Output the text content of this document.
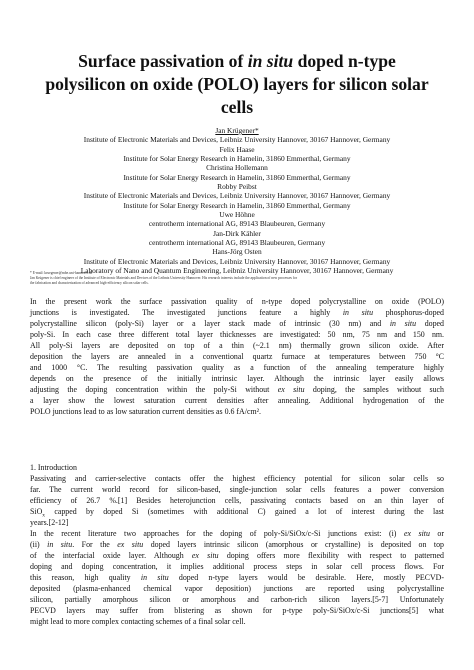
Surface passivation of in situ doped n-type
polysilicon on oxide (POLO) layers for silicon solar
cells
Jan Krügener*
Institute of Electronic Materials and Devices, Leibniz University Hannover, 30167 Hannover, Germany
Felix Haase
Institute for Solar Energy Research in Hamelin, 31860 Emmerthal, Germany
Christina Hollemann
Institute for Solar Energy Research in Hamelin, 31860 Emmerthal, Germany
Robby Peibst
Institute of Electronic Materials and Devices, Leibniz University Hannover, 30167 Hannover, Germany
Institute for Solar Energy Research in Hamelin, 31860 Emmerthal, Germany
Uwe Höhne
centrotherm international AG, 89143 Blaubeuren, Germany
Jan-Dirk Kähler
centrotherm international AG, 89143 Blaubeuren, Germany
Hans-Jörg Osten
Institute of Electronic Materials and Devices, Leibniz University Hannover, 30167 Hannover, Germany
Laboratory of Nano and Quantum Engineering, Leibniz University Hannover, 30167 Hannover, Germany
* E-mail: kruegener@mbe.uni-hannover.de
Jan Krügener is chief engineer of the Institute of Electronic Materials and Devices of the Leibniz University Hannover. His research interests include the application of new processes for
the fabrication and characterization of advanced high-efficiency silicon solar cells.
In the present work the surface passivation quality of n-type doped polycrystalline on oxide (POLO)
junctions is investigated. The investigated junctions feature a highly in situ phosphorus-doped
polycrystalline silicon (poly-Si) layer or a layer stack made of intrinsic (30 nm) and in situ doped
poly-Si. In each case three different total layer thicknesses are investigated: 50 nm, 75 nm and 150 nm.
All poly-Si layers are deposited on top of a thin (~2.1 nm) thermally grown silicon oxide. After
deposition the layers are annealed in a conventional quartz furnace at temperatures between 750 °C
and 1000 °C. The resulting passivation quality as a function of the annealing temperature highly
depends on the presence of the initially intrinsic layer. Although the intrinsic layer easily allows
adjusting the doping concentration within the poly-Si without ex situ doping, the samples without such
a layer show the lowest saturation current densities after annealing. Additional hydrogenation of the
POLO junctions lead to as low saturation current densities as 0.6 fA/cm².
1. Introduction
Passivating and carrier-selective contacts offer the highest efficiency potential for silicon solar cells so
far. The current world record for silicon-based, single-junction solar cells features a power conversion
efficiency of 26.7 %.[1] Besides heterojunction cells, passivating contacts based on an thin layer of
SiO$_x$ capped by doped Si (sometimes with additional C) gained a lot of interest during the last
years.[2-12]
In the recent literature two approaches for the doping of poly-Si/SiOx/c-Si junctions exist: (i) ex situ or
(ii) in situ. For the ex situ doped layers intrinsic silicon (amorphous or crystalline) is deposited on top
of the interfacial oxide layer. Although ex situ doping offers more flexibility with respect to patterned
doping and doping concentration, it implies additional process steps in solar cell process flows. For
this reason, high quality in situ doped n-type layers would be desirable. Here, mostly PECVD-
deposited (plasma-enhanced chemical vapor deposition) junctions are reported using polycrystalline
silicon, partially amorphous silicon or amorphous and carbon-rich silicon layers.[5-7] Unfortunately
PECVD layers may suffer from blistering as shown for p-type poly-Si/SiOx/c-Si junctions[5] what
might lead to more complex contacting schemes of a final solar cell.
